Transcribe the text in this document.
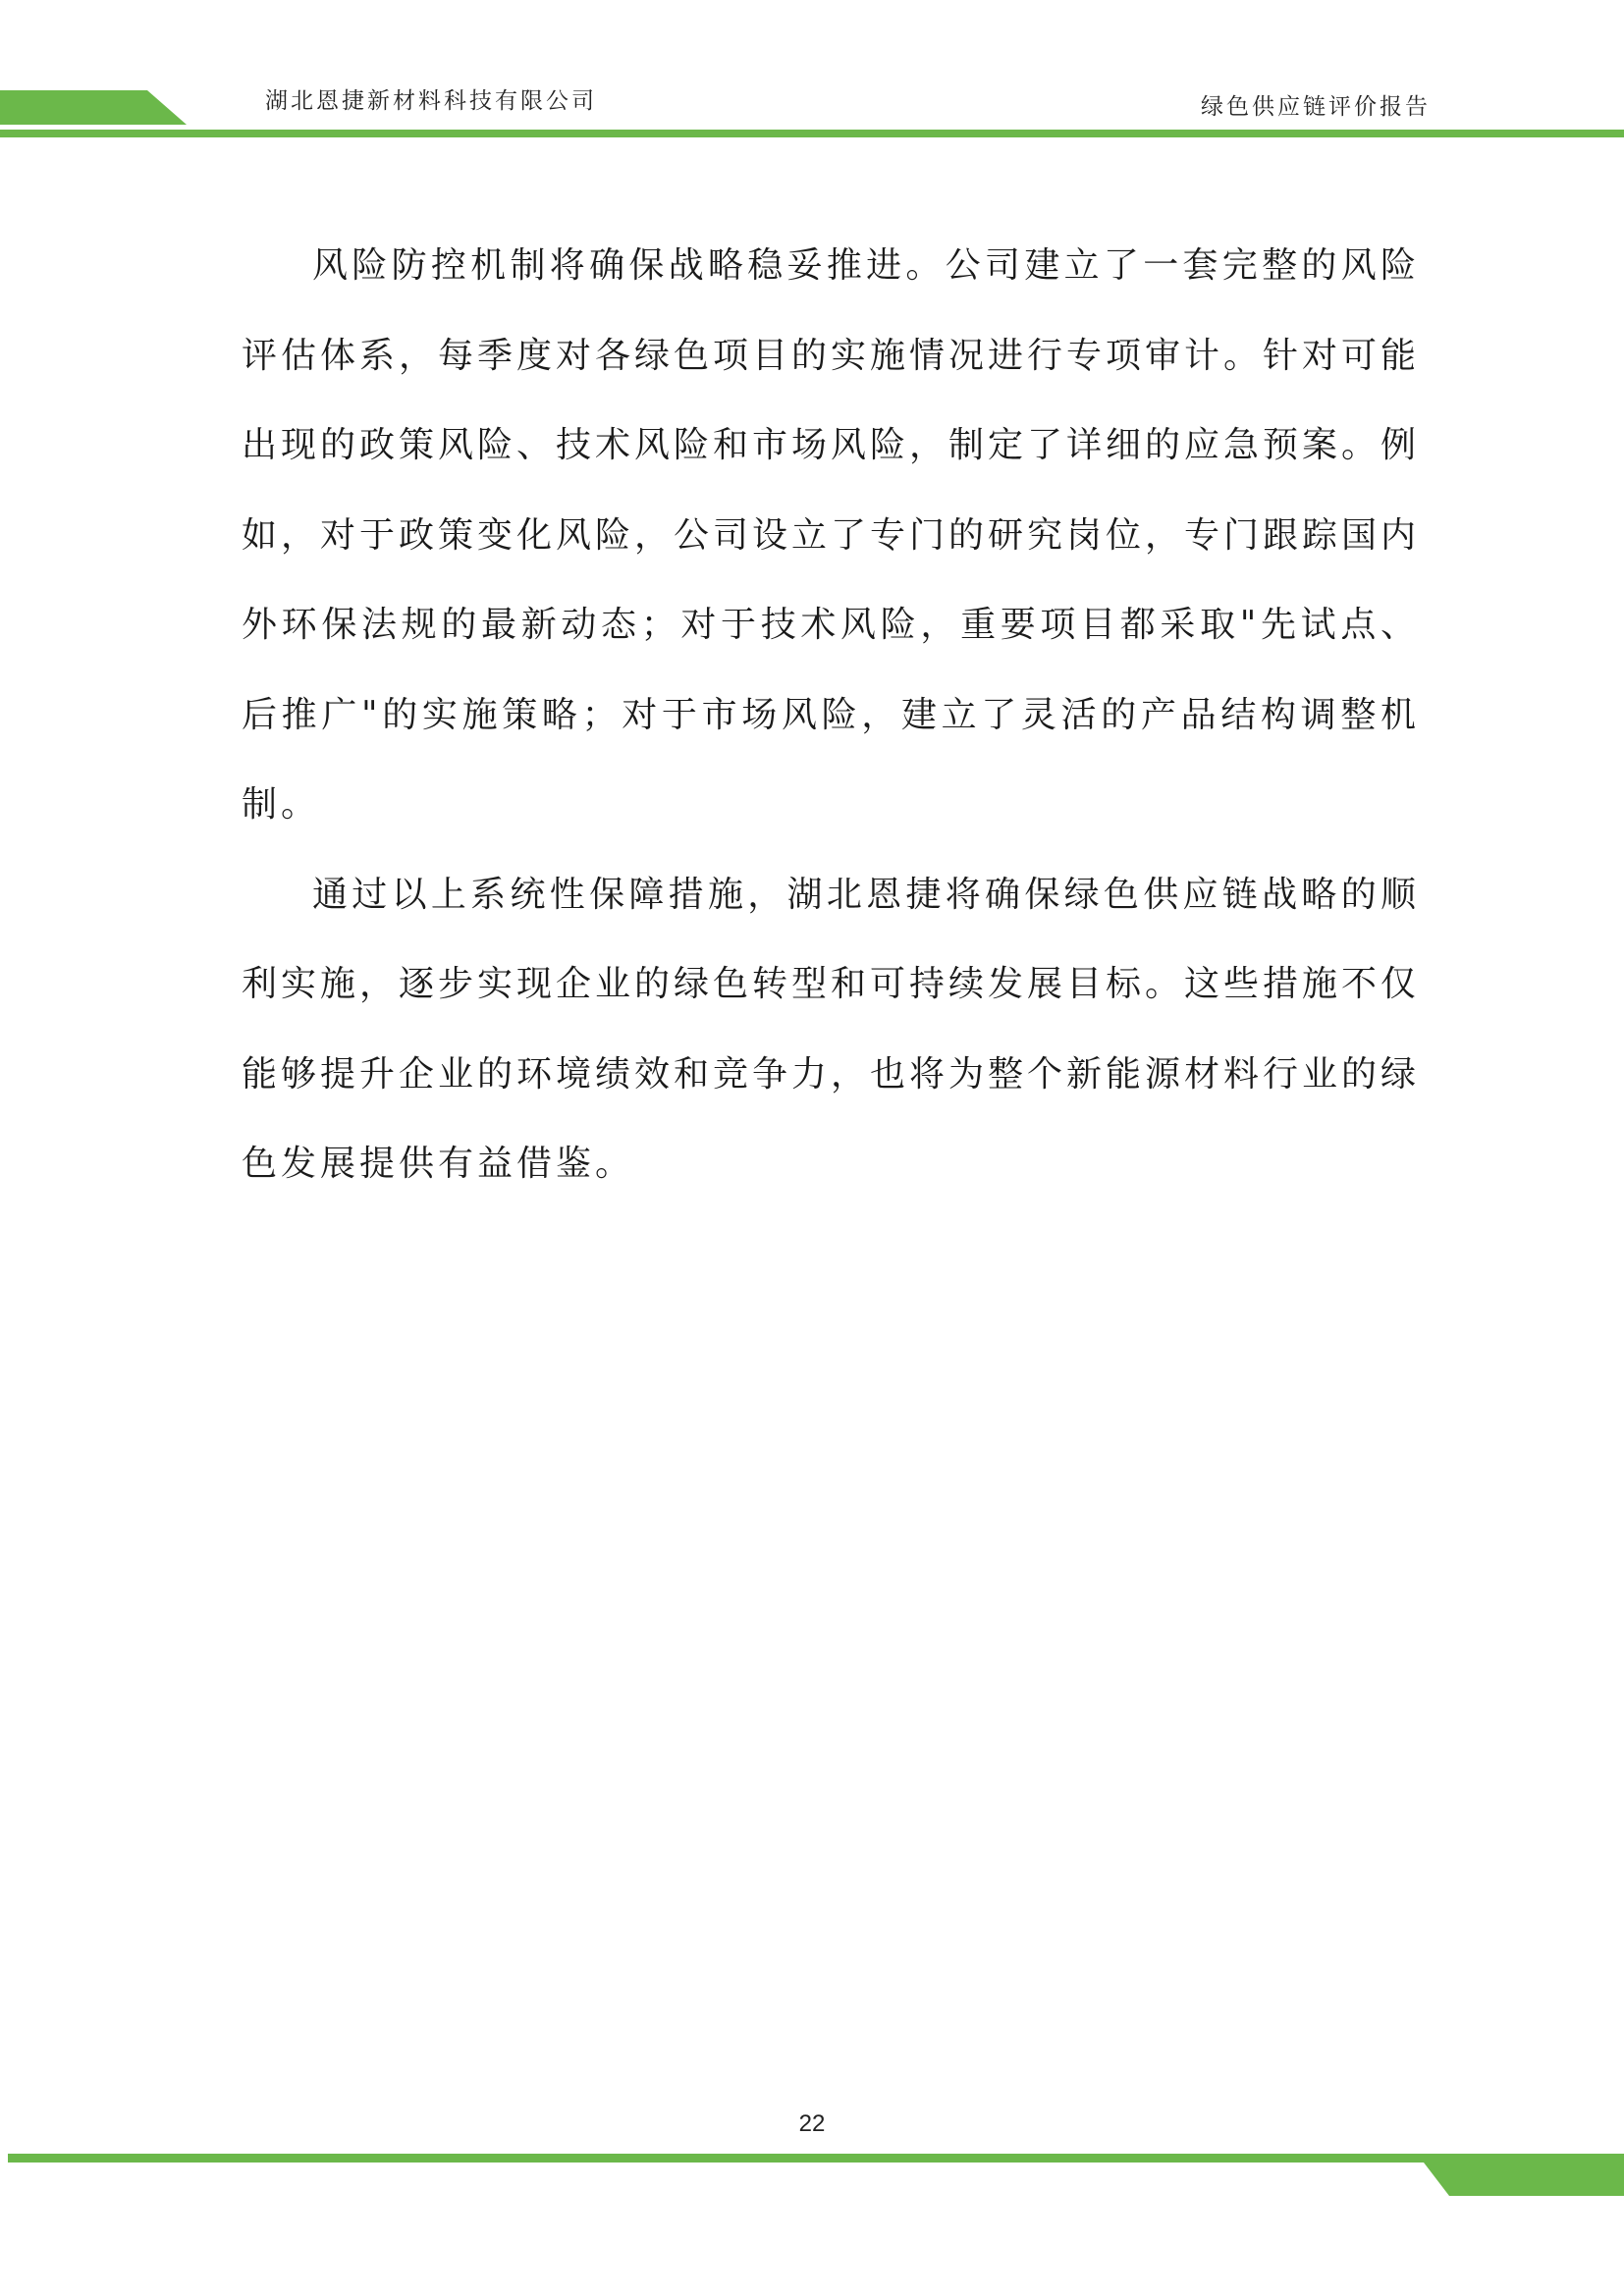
湖北恩捷新材料科技有限公司	绿色供应链评价报告

风险防控机制将确保战略稳妥推进。公司建立了一套完整的风险评估体系，每季度对各绿色项目的实施情况进行专项审计。针对可能出现的政策风险、技术风险和市场风险，制定了详细的应急预案。例如，对于政策变化风险，公司设立了专门的研究岗位，专门跟踪国内外环保法规的最新动态；对于技术风险，重要项目都采取"先试点、后推广"的实施策略；对于市场风险，建立了灵活的产品结构调整机制。

通过以上系统性保障措施，湖北恩捷将确保绿色供应链战略的顺利实施，逐步实现企业的绿色转型和可持续发展目标。这些措施不仅能够提升企业的环境绩效和竞争力，也将为整个新能源材料行业的绿色发展提供有益借鉴。

22
